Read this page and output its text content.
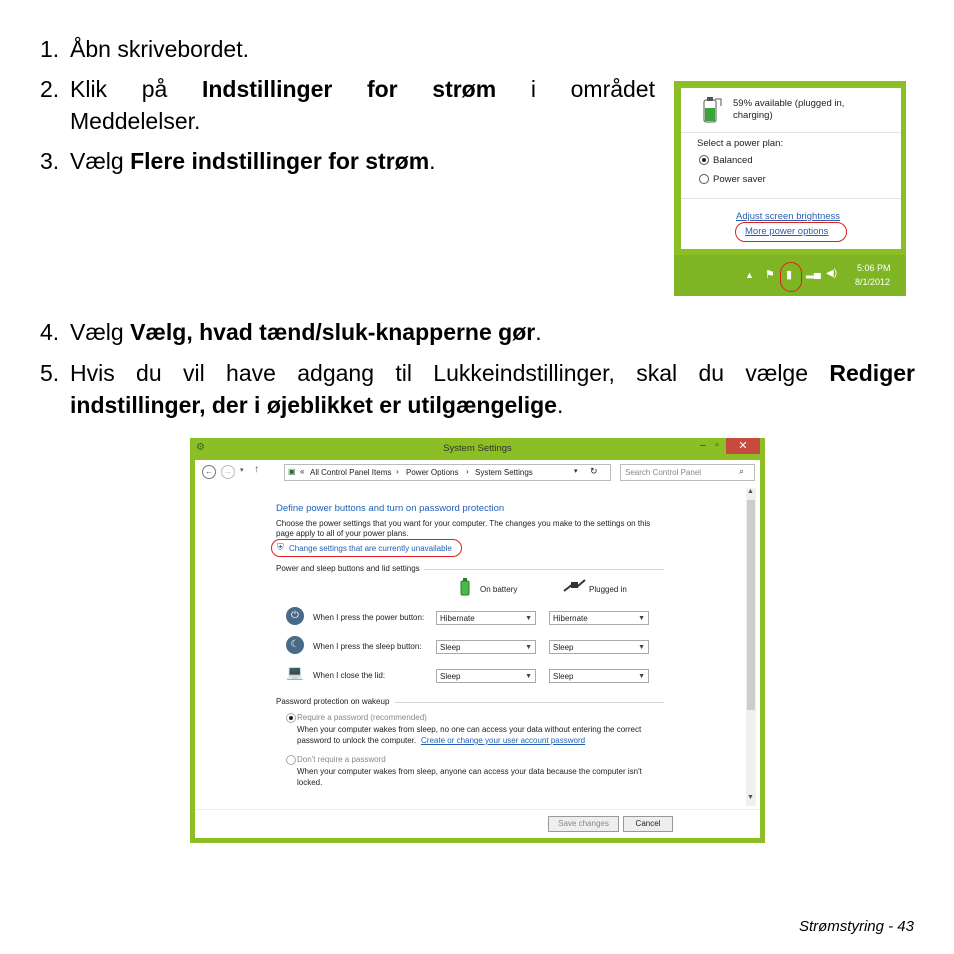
1. Åbn skrivebordet.
2. Klik på Indstillinger for strøm i området
Meddelelser.
3. Vælg Flere indstillinger for strøm.
4. Vælg Vælg, hvad tænd/sluk-knapperne gør.
5. Hvis du vil have adgang til Lukkeindstillinger, skal du vælge Rediger
indstillinger, der i øjeblikket er utilgængelige.
59% available (plugged in,
charging)
Select a power plan:
Balanced
Power saver
Adjust screen brightness
More power options
▲ ⚑ ▮ ▂▄ ◀) 5:06 PM
8/1/2012
⚙	System Settings	– ▫	✕
←	→	▾ ↑	▣ « All Control Panel Items › Power Options › System Settings	▾ ↻	Search Control Panel	⌕
Define power buttons and turn on password protection
Choose the power settings that you want for your computer. The changes you make to the settings on this
page apply to all of your power plans.
⛨ Change settings that are currently unavailable
Power and sleep buttons and lid settings
On battery	Plugged in
⏻	When I press the power button:	Hibernate	▼	Hibernate	▼
☾	When I press the sleep button:	Sleep	▼	Sleep	▼
💻 When I close the lid:	Sleep	▼	Sleep	▼
Password protection on wakeup
Require a password (recommended)
When your computer wakes from sleep, no one can access your data without entering the correct
password to unlock the computer. Create or change your user account password
Don't require a password
When your computer wakes from sleep, anyone can access your data because the computer isn't
locked.
▲
▼
Save changes	Cancel
Strømstyring - 43
